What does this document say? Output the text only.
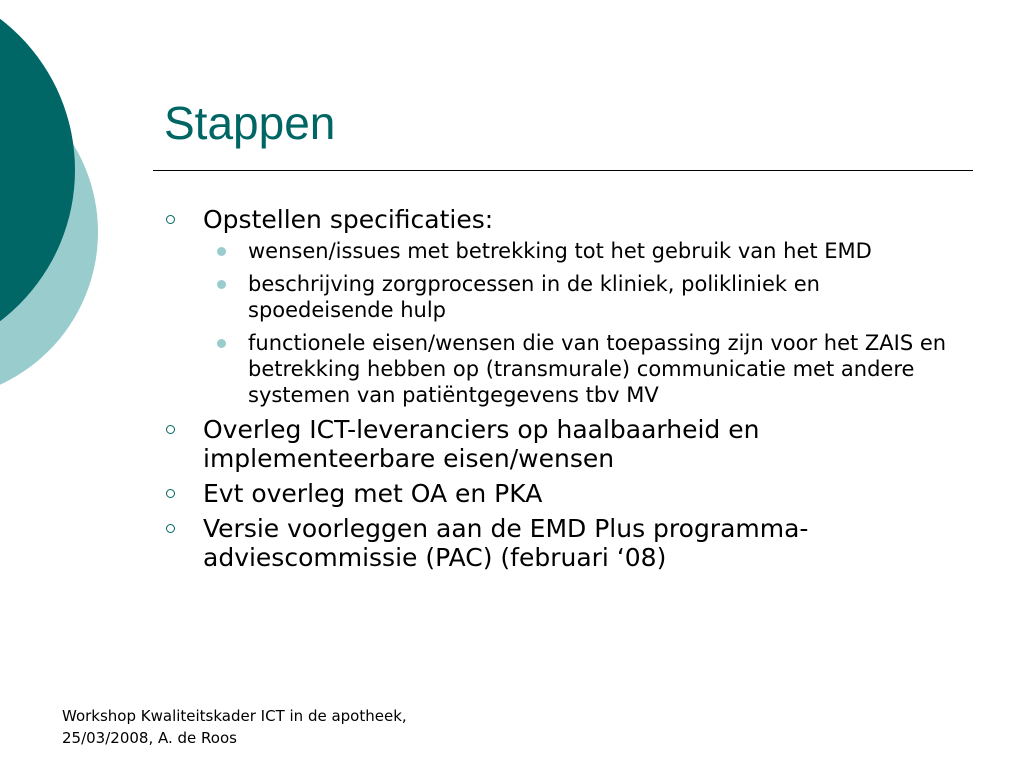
Stappen
Opstellen specificaties:
wensen/issues met betrekking tot het gebruik van het EMD
beschrijving zorgprocessen in de kliniek, polikliniek en spoedeisende hulp
functionele eisen/wensen die van toepassing zijn voor het ZAIS en betrekking hebben op (transmurale) communicatie met andere systemen van patiëntgegevens tbv MV
Overleg ICT-leveranciers op haalbaarheid en implementeerbare eisen/wensen
Evt overleg met OA en PKA
Versie voorleggen aan de EMD Plus programma-adviescommissie (PAC) (februari ‘08)
Workshop Kwaliteitskader ICT in de apotheek,
25/03/2008, A. de Roos
